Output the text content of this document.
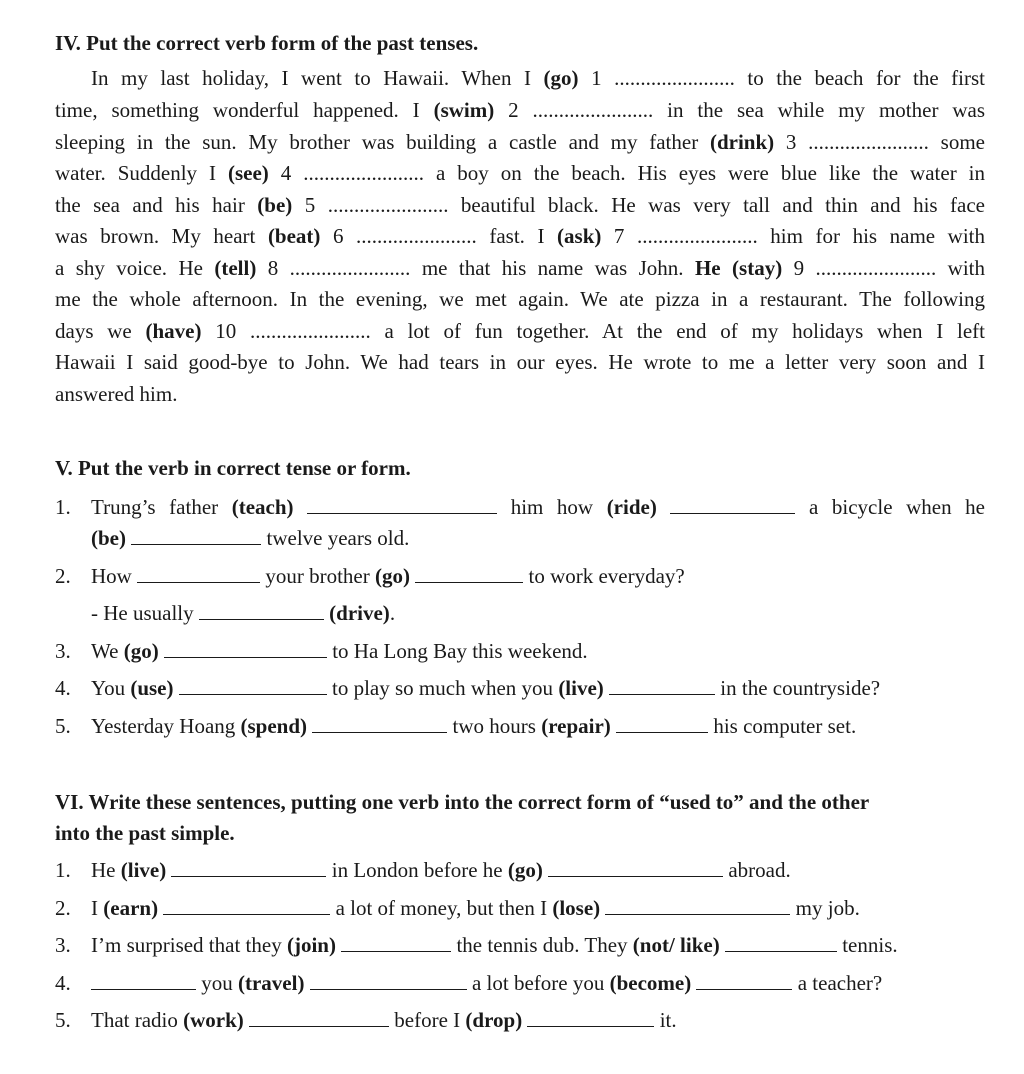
IV. Put the correct verb form of the past tenses.
In my last holiday, I went to Hawaii. When I (go) 1 ....................... to the beach for the first
time, something wonderful happened. I (swim) 2 ....................... in the sea while my mother was
sleeping in the sun. My brother was building a castle and my father (drink) 3 ....................... some
water. Suddenly I (see) 4 ....................... a boy on the beach. His eyes were blue like the water in
the sea and his hair (be) 5 ....................... beautiful black. He was very tall and thin and his face
was brown. My heart (beat) 6 ....................... fast. I (ask) 7 ....................... him for his name with
a shy voice. He (tell) 8 ....................... me that his name was John. He (stay) 9 ....................... with
me the whole afternoon. In the evening, we met again. We ate pizza in a restaurant. The following
days we (have) 10 ....................... a lot of fun together. At the end of my holidays when I left
Hawaii I said good-bye to John. We had tears in our eyes. He wrote to me a letter very soon and I
answered him.
V. Put the verb in correct tense or form.
1. Trung’s father (teach)	him how (ride)	a bicycle when he
(be)	twelve years old.
2. How	your brother (go)	to work everyday?
- He usually	(drive).
3. We (go)	to Ha Long Bay this weekend.
4. You (use)	to play so much when you (live)	in the countryside?
5. Yesterday Hoang (spend)	two hours (repair)	his computer set.
VI. Write these sentences, putting one verb into the correct form of “used to” and the other
into the past simple.
1. He (live)	in London before he (go)	abroad.
2. I (earn)	a lot of money, but then I (lose)	my job.
3. I’m surprised that they (join)	the tennis dub. They (not/ like)	tennis.
4.	you (travel)	a lot before you (become)	a teacher?
5. That radio (work)	before I (drop)	it.
